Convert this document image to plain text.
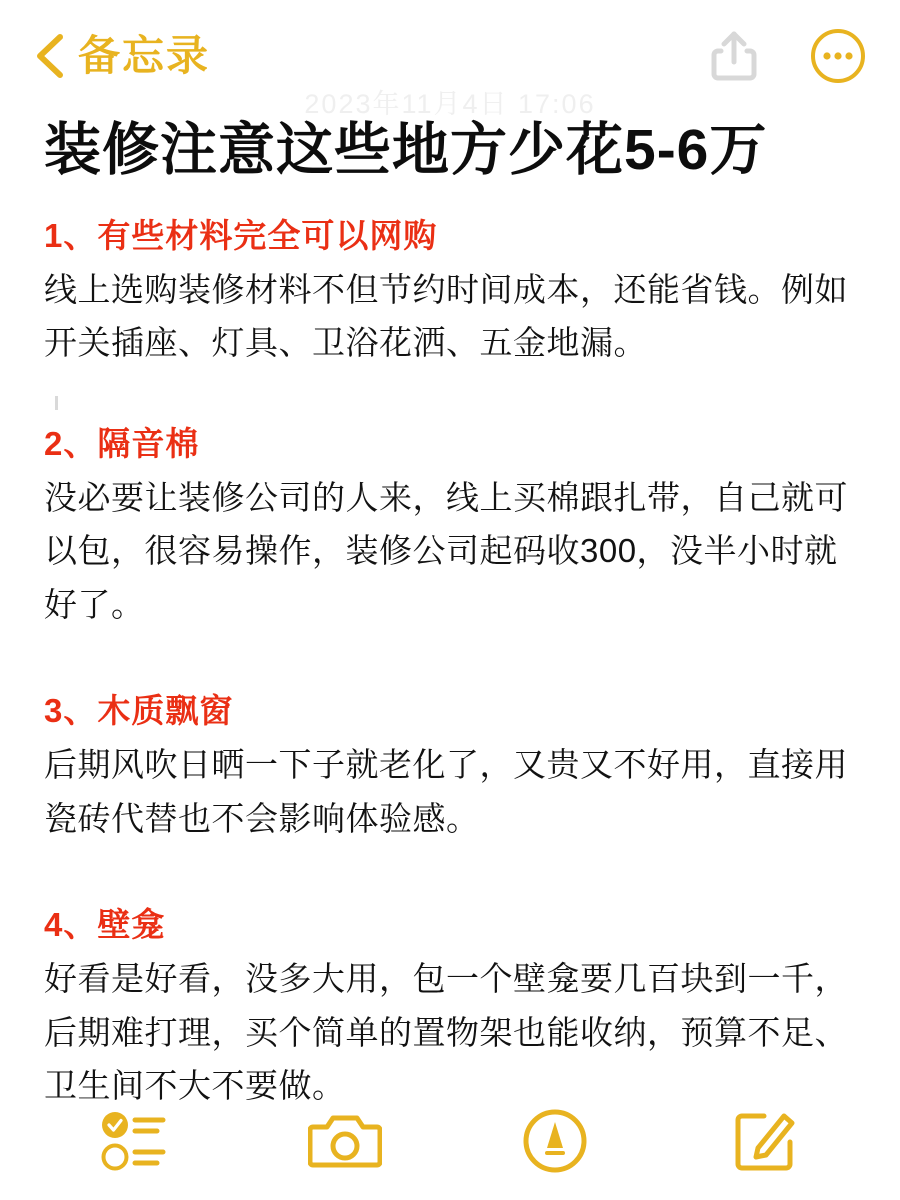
备忘录
2023年11月4日 17:06
装修注意这些地方少花5-6万
1、有些材料完全可以网购
线上选购装修材料不但节约时间成本，还能省钱。例如开关插座、灯具、卫浴花洒、五金地漏。
2、隔音棉
没必要让装修公司的人来，线上买棉跟扎带，自己就可以包，很容易操作，装修公司起码收300，没半小时就好了。
3、木质飘窗
后期风吹日晒一下子就老化了，又贵又不好用，直接用瓷砖代替也不会影响体验感。
4、壁龛
好看是好看，没多大用，包一个壁龛要几百块到一千，后期难打理，买个简单的置物架也能收纳，预算不足、卫生间不大不要做。
